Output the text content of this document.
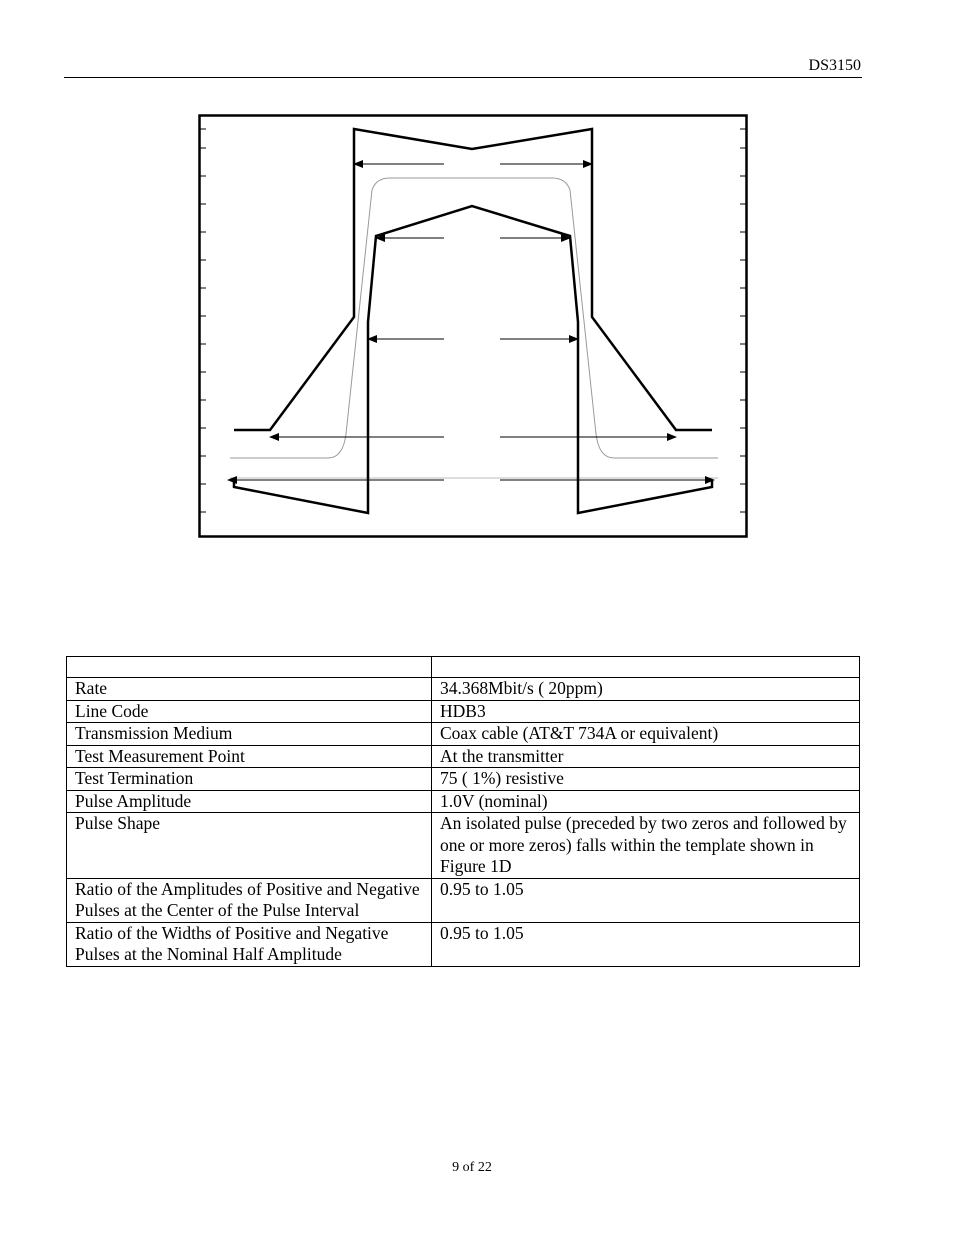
DS3150

Rate	34.368Mbit/s ( 20ppm)
Line Code	HDB3
Transmission Medium	Coax cable (AT&T 734A or equivalent)
Test Measurement Point	At the transmitter
Test Termination	75 ( 1%) resistive
Pulse Amplitude	1.0V (nominal)
Pulse Shape	An isolated pulse (preceded by two zeros and followed by one or more zeros) falls within the template shown in Figure 1D
Ratio of the Amplitudes of Positive and Negative Pulses at the Center of the Pulse Interval	0.95 to 1.05
Ratio of the Widths of Positive and Negative Pulses at the Nominal Half Amplitude	0.95 to 1.05
9 of 22
